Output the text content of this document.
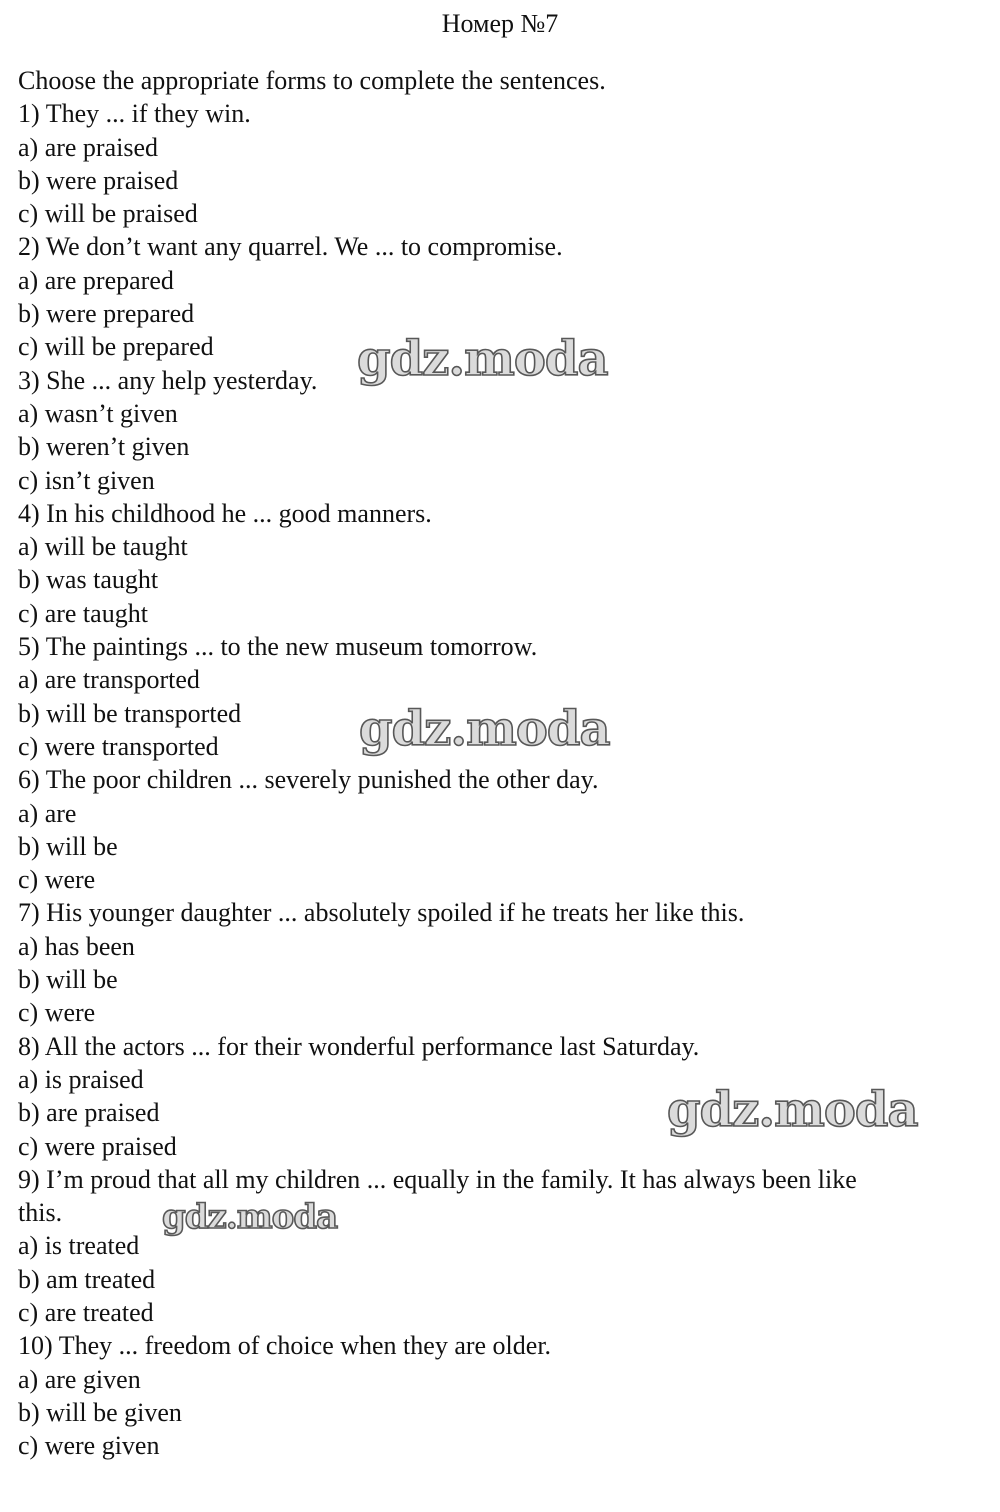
Номер №7
Choose the appropriate forms to complete the sentences.
1) They ... if they win.
a) are praised
b) were praised
c) will be praised
2) We don’t want any quarrel. We ... to compromise.
a) are prepared
b) were prepared
c) will be prepared
3) She ... any help yesterday.
a) wasn’t given
b) weren’t given
c) isn’t given
4) In his childhood he ... good manners.
a) will be taught
b) was taught
c) are taught
5) The paintings ... to the new museum tomorrow.
a) are transported
b) will be transported
c) were transported
6) The poor children ... severely punished the other day.
a) are
b) will be
c) were
7) His younger daughter ... absolutely spoiled if he treats her like this.
a) has been
b) will be
c) were
8) All the actors ... for their wonderful performance last Saturday.
a) is praised
b) are praised
c) were praised
9) I’m proud that all my children ... equally in the family. It has always been like
this.
a) is treated
b) am treated
c) are treated
10) They ... freedom of choice when they are older.
a) are given
b) will be given
c) were given
gdz.moda
gdz.moda
gdz.moda
gdz.moda
